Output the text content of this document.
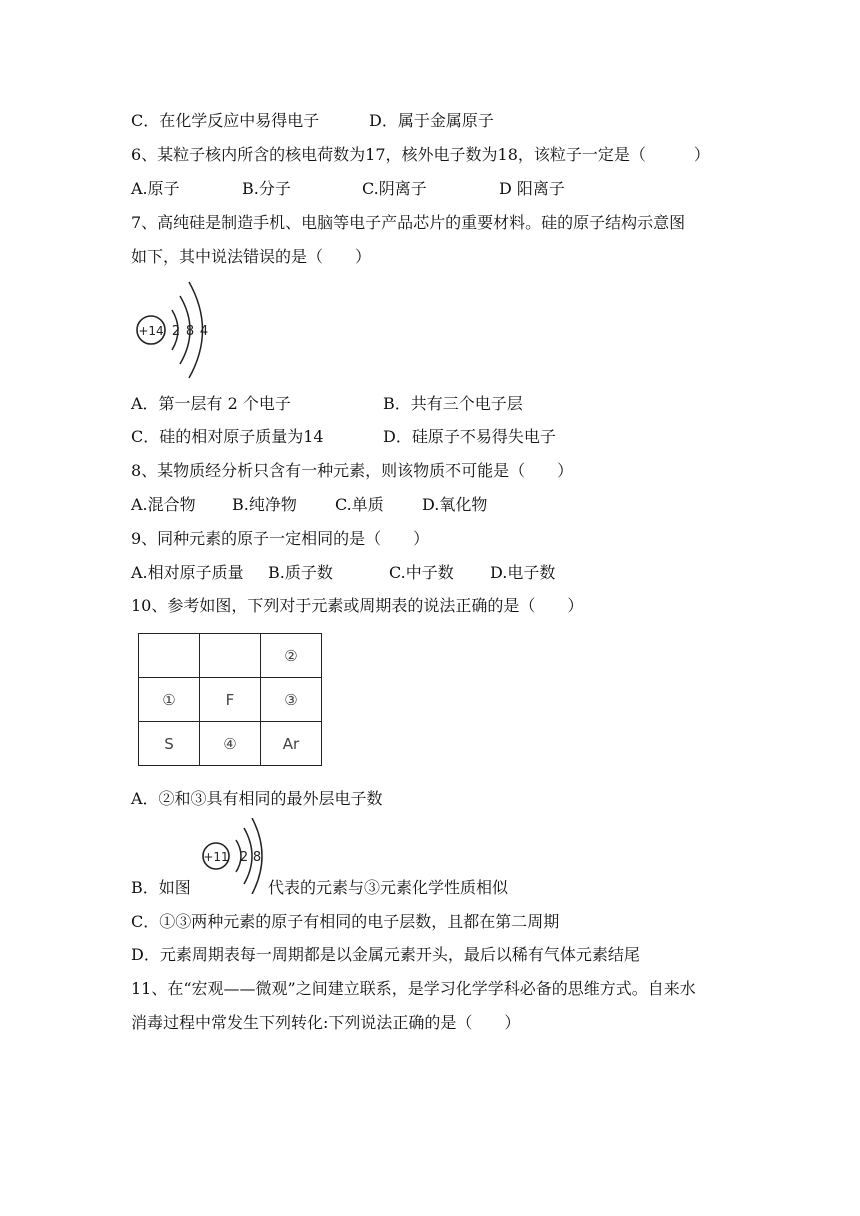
C．在化学反应中易得电子	D．属于金属原子
6、某粒子核内所含的核电荷数为17，核外电子数为18，该粒子一定是（　　　）
A.原子	B.分子	C.阴离子	D 阳离子
7、高纯硅是制造手机、电脑等电子产品芯片的重要材料。硅的原子结构示意图
如下，其中说法错误的是（　　）
+14 2 8 4
A．第一层有 2 个电子	B．共有三个电子层
C．硅的相对原子质量为14	D．硅原子不易得失电子
8、某物质经分析只含有一种元素，则该物质不可能是（　　）
A.混合物 B.纯净物 C.单质 D.氧化物
9、同种元素的原子一定相同的是（　　）
A.相对原子质量 B.质子数	C.中子数 D.电子数
10、参考如图，下列对于元素或周期表的说法正确的是（　　）
		②
①	F	③
S	④	Ar
A．②和③具有相同的最外层电子数
+11 2 8
B．如图	代表的元素与③元素化学性质相似
C．①③两种元素的原子有相同的电子层数，且都在第二周期
D．元素周期表每一周期都是以金属元素开头，最后以稀有气体元素结尾
11、在“宏观——微观”之间建立联系，是学习化学学科必备的思维方式。自来水
消毒过程中常发生下列转化:下列说法正确的是（　　）
